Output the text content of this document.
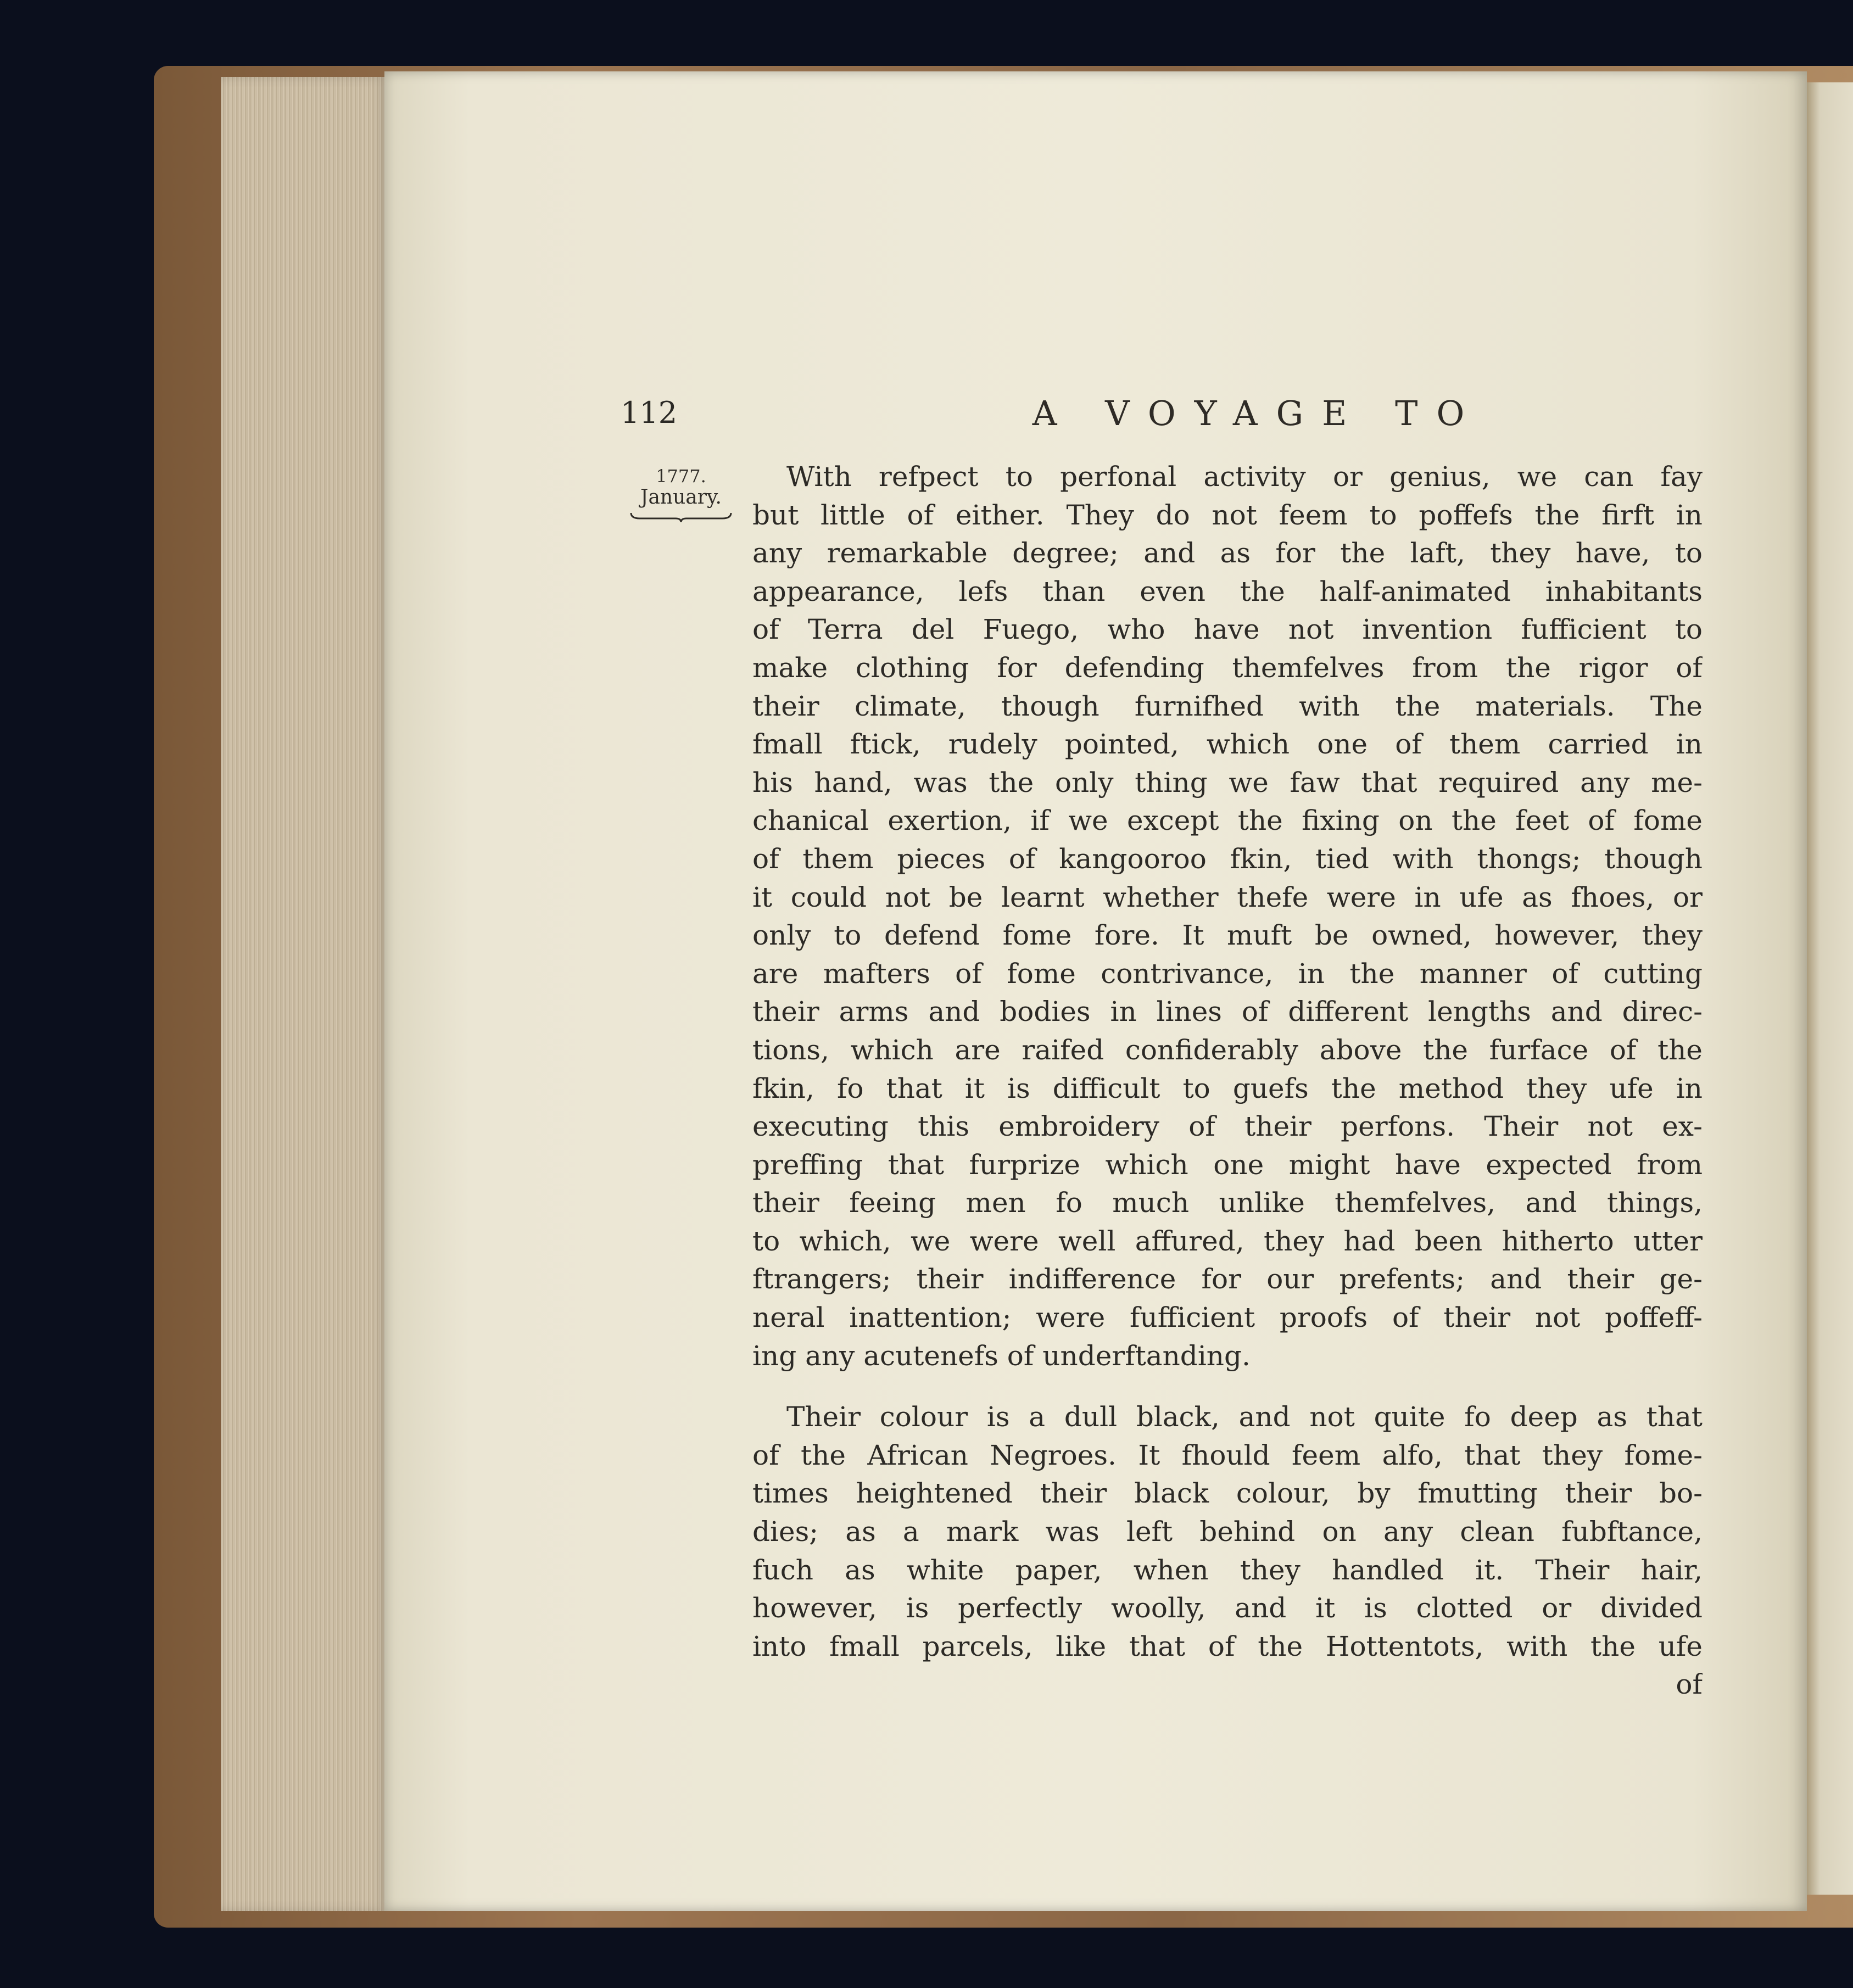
112	A VOYAGE TO
1777.
January.
With refpect to perfonal activity or genius, we can fay
but little of either. They do not feem to poffefs the firft in
any remarkable degree; and as for the laft, they have, to
appearance, lefs than even the half-animated inhabitants
of Terra del Fuego, who have not invention fufficient to
make clothing for defending themfelves from the rigor of
their climate, though furnifhed with the materials. The
fmall ftick, rudely pointed, which one of them carried in
his hand, was the only thing we faw that required any me-
chanical exertion, if we except the fixing on the feet of fome
of them pieces of kangooroo fkin, tied with thongs; though
it could not be learnt whether thefe were in ufe as fhoes, or
only to defend fome fore. It muft be owned, however, they
are mafters of fome contrivance, in the manner of cutting
their arms and bodies in lines of different lengths and direc-
tions, which are raifed confiderably above the furface of the
fkin, fo that it is difficult to guefs the method they ufe in
executing this embroidery of their perfons. Their not ex-
preffing that furprize which one might have expected from
their feeing men fo much unlike themfelves, and things,
to which, we were well affured, they had been hitherto utter
ftrangers; their indifference for our prefents; and their ge-
neral inattention; were fufficient proofs of their not poffeff-
ing any acutenefs of underftanding.
Their colour is a dull black, and not quite fo deep as that
of the African Negroes. It fhould feem alfo, that they fome-
times heightened their black colour, by fmutting their bo-
dies; as a mark was left behind on any clean fubftance,
fuch as white paper, when they handled it. Their hair,
however, is perfectly woolly, and it is clotted or divided
into fmall parcels, like that of the Hottentots, with the ufe
of
